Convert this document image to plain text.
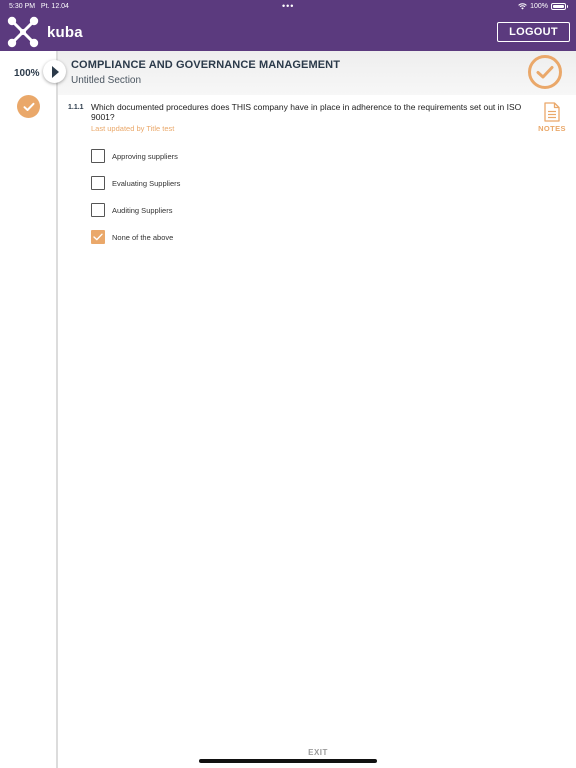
5:30 PM Pt. 12.04	•••	100%
kuba	LOGOUT
100%
COMPLIANCE AND GOVERNANCE MANAGEMENT
Untitled Section
1.1.1 Which documented procedures does THIS company have in place in adherence to the requirements set out in ISO 9001?

Last updated by Title test	NOTES
Approving suppliers
Evaluating Suppliers
Auditing Suppliers
None of the above
EXIT
